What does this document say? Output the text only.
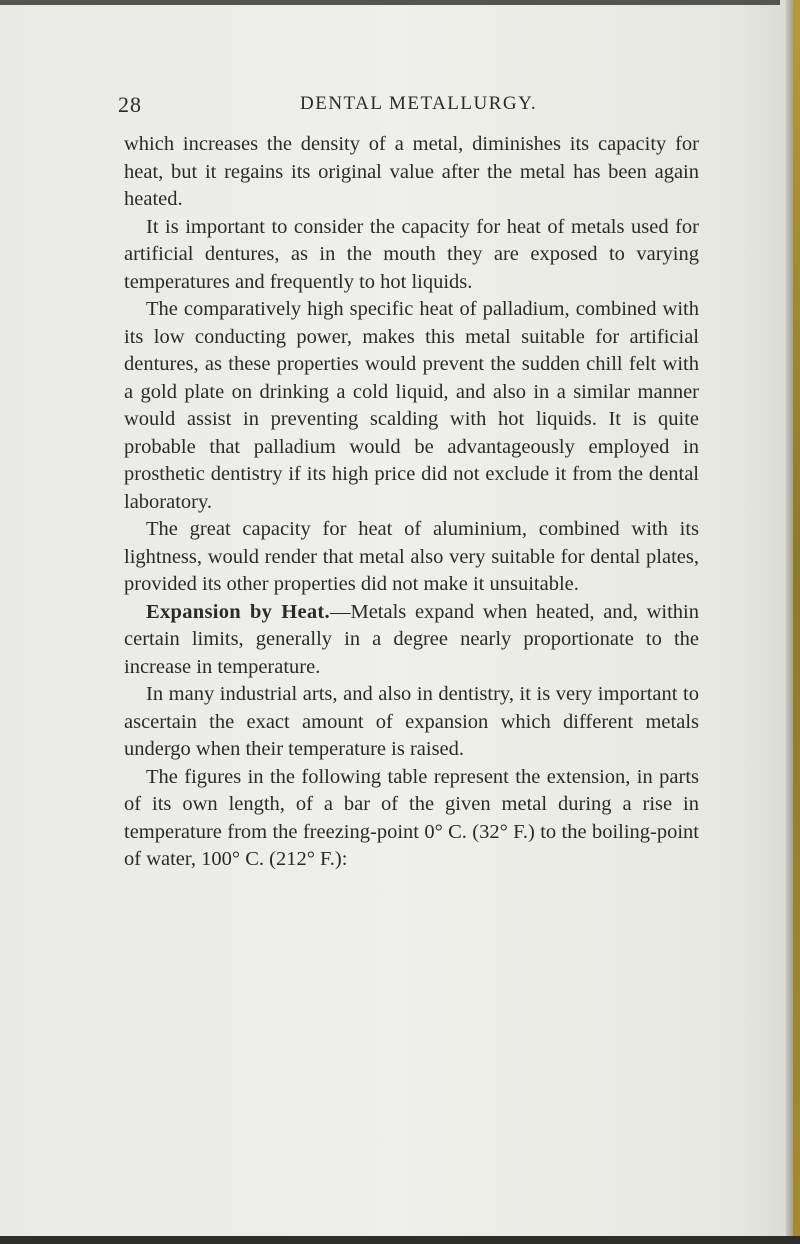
28	DENTAL METALLURGY.

which increases the density of a metal, diminishes its capacity for heat, but it regains its original value after the metal has been again heated.

It is important to consider the capacity for heat of metals used for artificial dentures, as in the mouth they are exposed to varying temperatures and frequently to hot liquids.

The comparatively high specific heat of palladium, combined with its low conducting power, makes this metal suitable for artificial dentures, as these properties would prevent the sudden chill felt with a gold plate on drinking a cold liquid, and also in a similar manner would assist in preventing scalding with hot liquids. It is quite probable that palladium would be advantageously employed in prosthetic dentistry if its high price did not exclude it from the dental laboratory.

The great capacity for heat of aluminium, combined with its lightness, would render that metal also very suitable for dental plates, provided its other properties did not make it unsuitable.

Expansion by Heat.—Metals expand when heated, and, within certain limits, generally in a degree nearly proportionate to the increase in temperature.

In many industrial arts, and also in dentistry, it is very important to ascertain the exact amount of expansion which different metals undergo when their temperature is raised.

The figures in the following table represent the extension, in parts of its own length, of a bar of the given metal during a rise in temperature from the freezing-point 0° C. (32° F.) to the boiling-point of water, 100° C. (212° F.):
